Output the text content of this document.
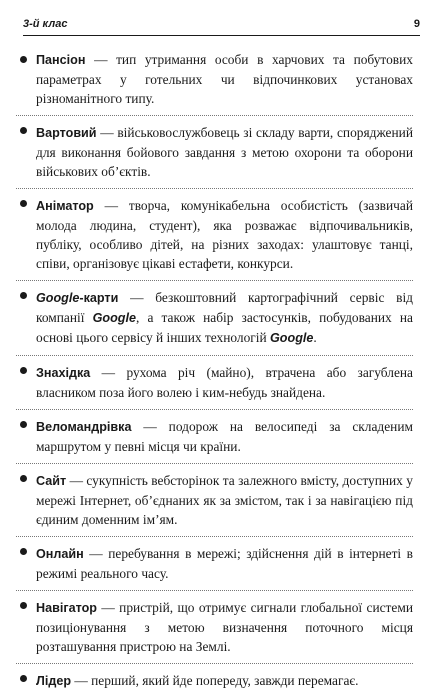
3-й клас	9
Пансіон — тип утримання особи в харчових та побутових параметрах у готельних чи відпочинкових установах різноманітного типу.
Вартовий — військовослужбовець зі складу варти, споряджений для виконання бойового завдання з метою охорони та оборони військових об’єктів.
Аніматор — творча, комунікабельна особистість (зазвичай молода людина, студент), яка розважає відпочивальників, публіку, особливо дітей, на різних заходах: улаштовує танці, співи, організовує цікаві естафети, конкурси.
Google-карти — безкоштовний картографічний сервіс від компанії Google, а також набір застосунків, побудованих на основі цього сервісу й інших технологій Google.
Знахідка — рухома річ (майно), втрачена або загублена власником поза його волею і ким-небудь знайдена.
Веломандрівка — подорож на велосипеді за складеним маршрутом у певні місця чи країни.
Сайт — сукупність вебсторінок та залежного вмісту, доступних у мережі Інтернет, об’єднаних як за змістом, так і за навігацією під єдиним доменним ім’ям.
Онлайн — перебування в мережі; здійснення дій в інтернеті в режимі реального часу.
Навігатор — пристрій, що отримує сигнали глобальної системи позиціонування з метою визначення поточного місця розташування пристрою на Землі.
Лідер — перший, який йде попереду, завжди перемагає.
